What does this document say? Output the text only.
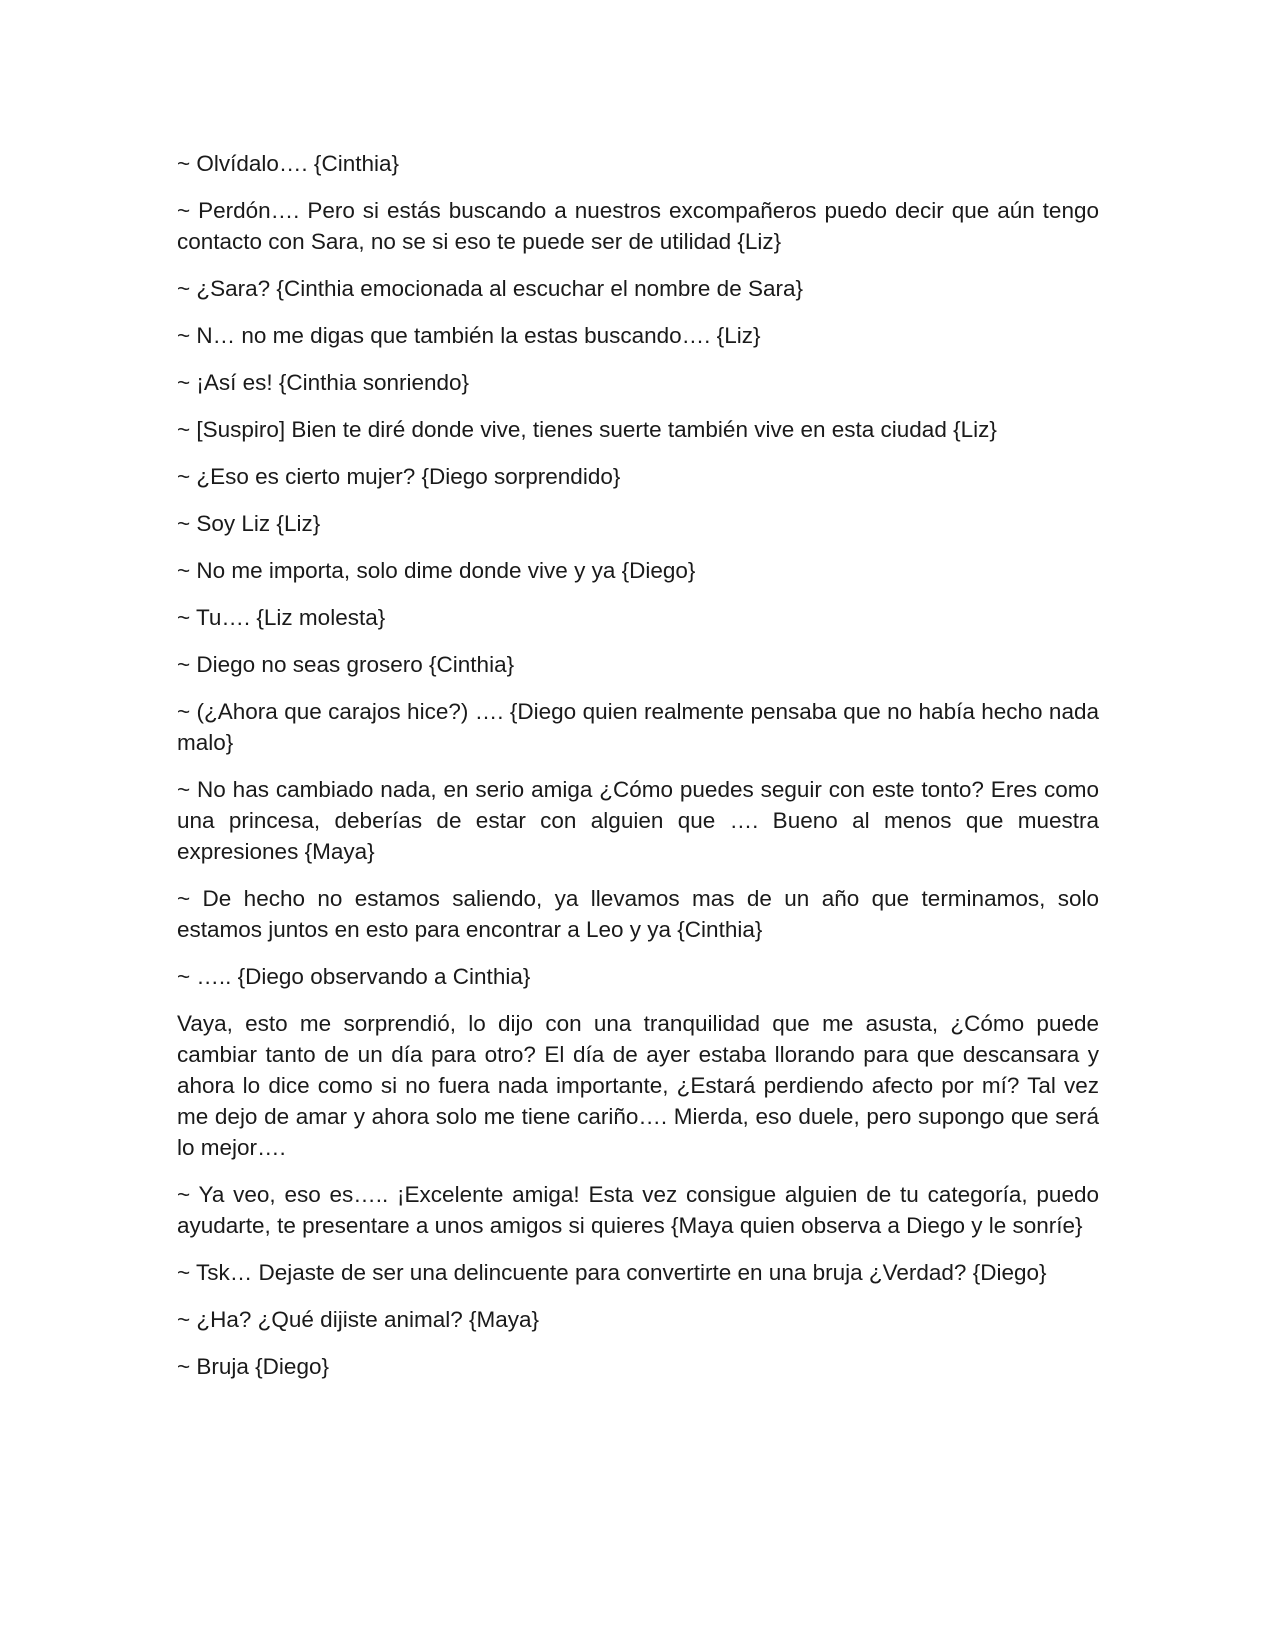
~ Olvídalo…. {Cinthia}

~ Perdón…. Pero si estás buscando a nuestros excompañeros puedo decir que aún tengo contacto con Sara, no se si eso te puede ser de utilidad {Liz}

~ ¿Sara? {Cinthia emocionada al escuchar el nombre de Sara}

~ N… no me digas que también la estas buscando…. {Liz}

~ ¡Así es! {Cinthia sonriendo}

~ [Suspiro] Bien te diré donde vive, tienes suerte también vive en esta ciudad {Liz}

~ ¿Eso es cierto mujer? {Diego sorprendido}

~ Soy Liz {Liz}

~ No me importa, solo dime donde vive y ya {Diego}

~ Tu…. {Liz molesta}

~ Diego no seas grosero {Cinthia}

~ (¿Ahora que carajos hice?) …. {Diego quien realmente pensaba que no había hecho nada malo}

~ No has cambiado nada, en serio amiga ¿Cómo puedes seguir con este tonto? Eres como una princesa, deberías de estar con alguien que …. Bueno al menos que muestra expresiones {Maya}

~ De hecho no estamos saliendo, ya llevamos mas de un año que terminamos, solo estamos juntos en esto para encontrar a Leo y ya {Cinthia}

~ ….. {Diego observando a Cinthia}

Vaya, esto me sorprendió, lo dijo con una tranquilidad que me asusta, ¿Cómo puede cambiar tanto de un día para otro? El día de ayer estaba llorando para que descansara y ahora lo dice como si no fuera nada importante, ¿Estará perdiendo afecto por mí? Tal vez me dejo de amar y ahora solo me tiene cariño…. Mierda, eso duele, pero supongo que será lo mejor….

~ Ya veo, eso es….. ¡Excelente amiga! Esta vez consigue alguien de tu categoría, puedo ayudarte, te presentare a unos amigos si quieres {Maya quien observa a Diego y le sonríe}

~ Tsk… Dejaste de ser una delincuente para convertirte en una bruja ¿Verdad? {Diego}

~ ¿Ha? ¿Qué dijiste animal? {Maya}

~ Bruja {Diego}
